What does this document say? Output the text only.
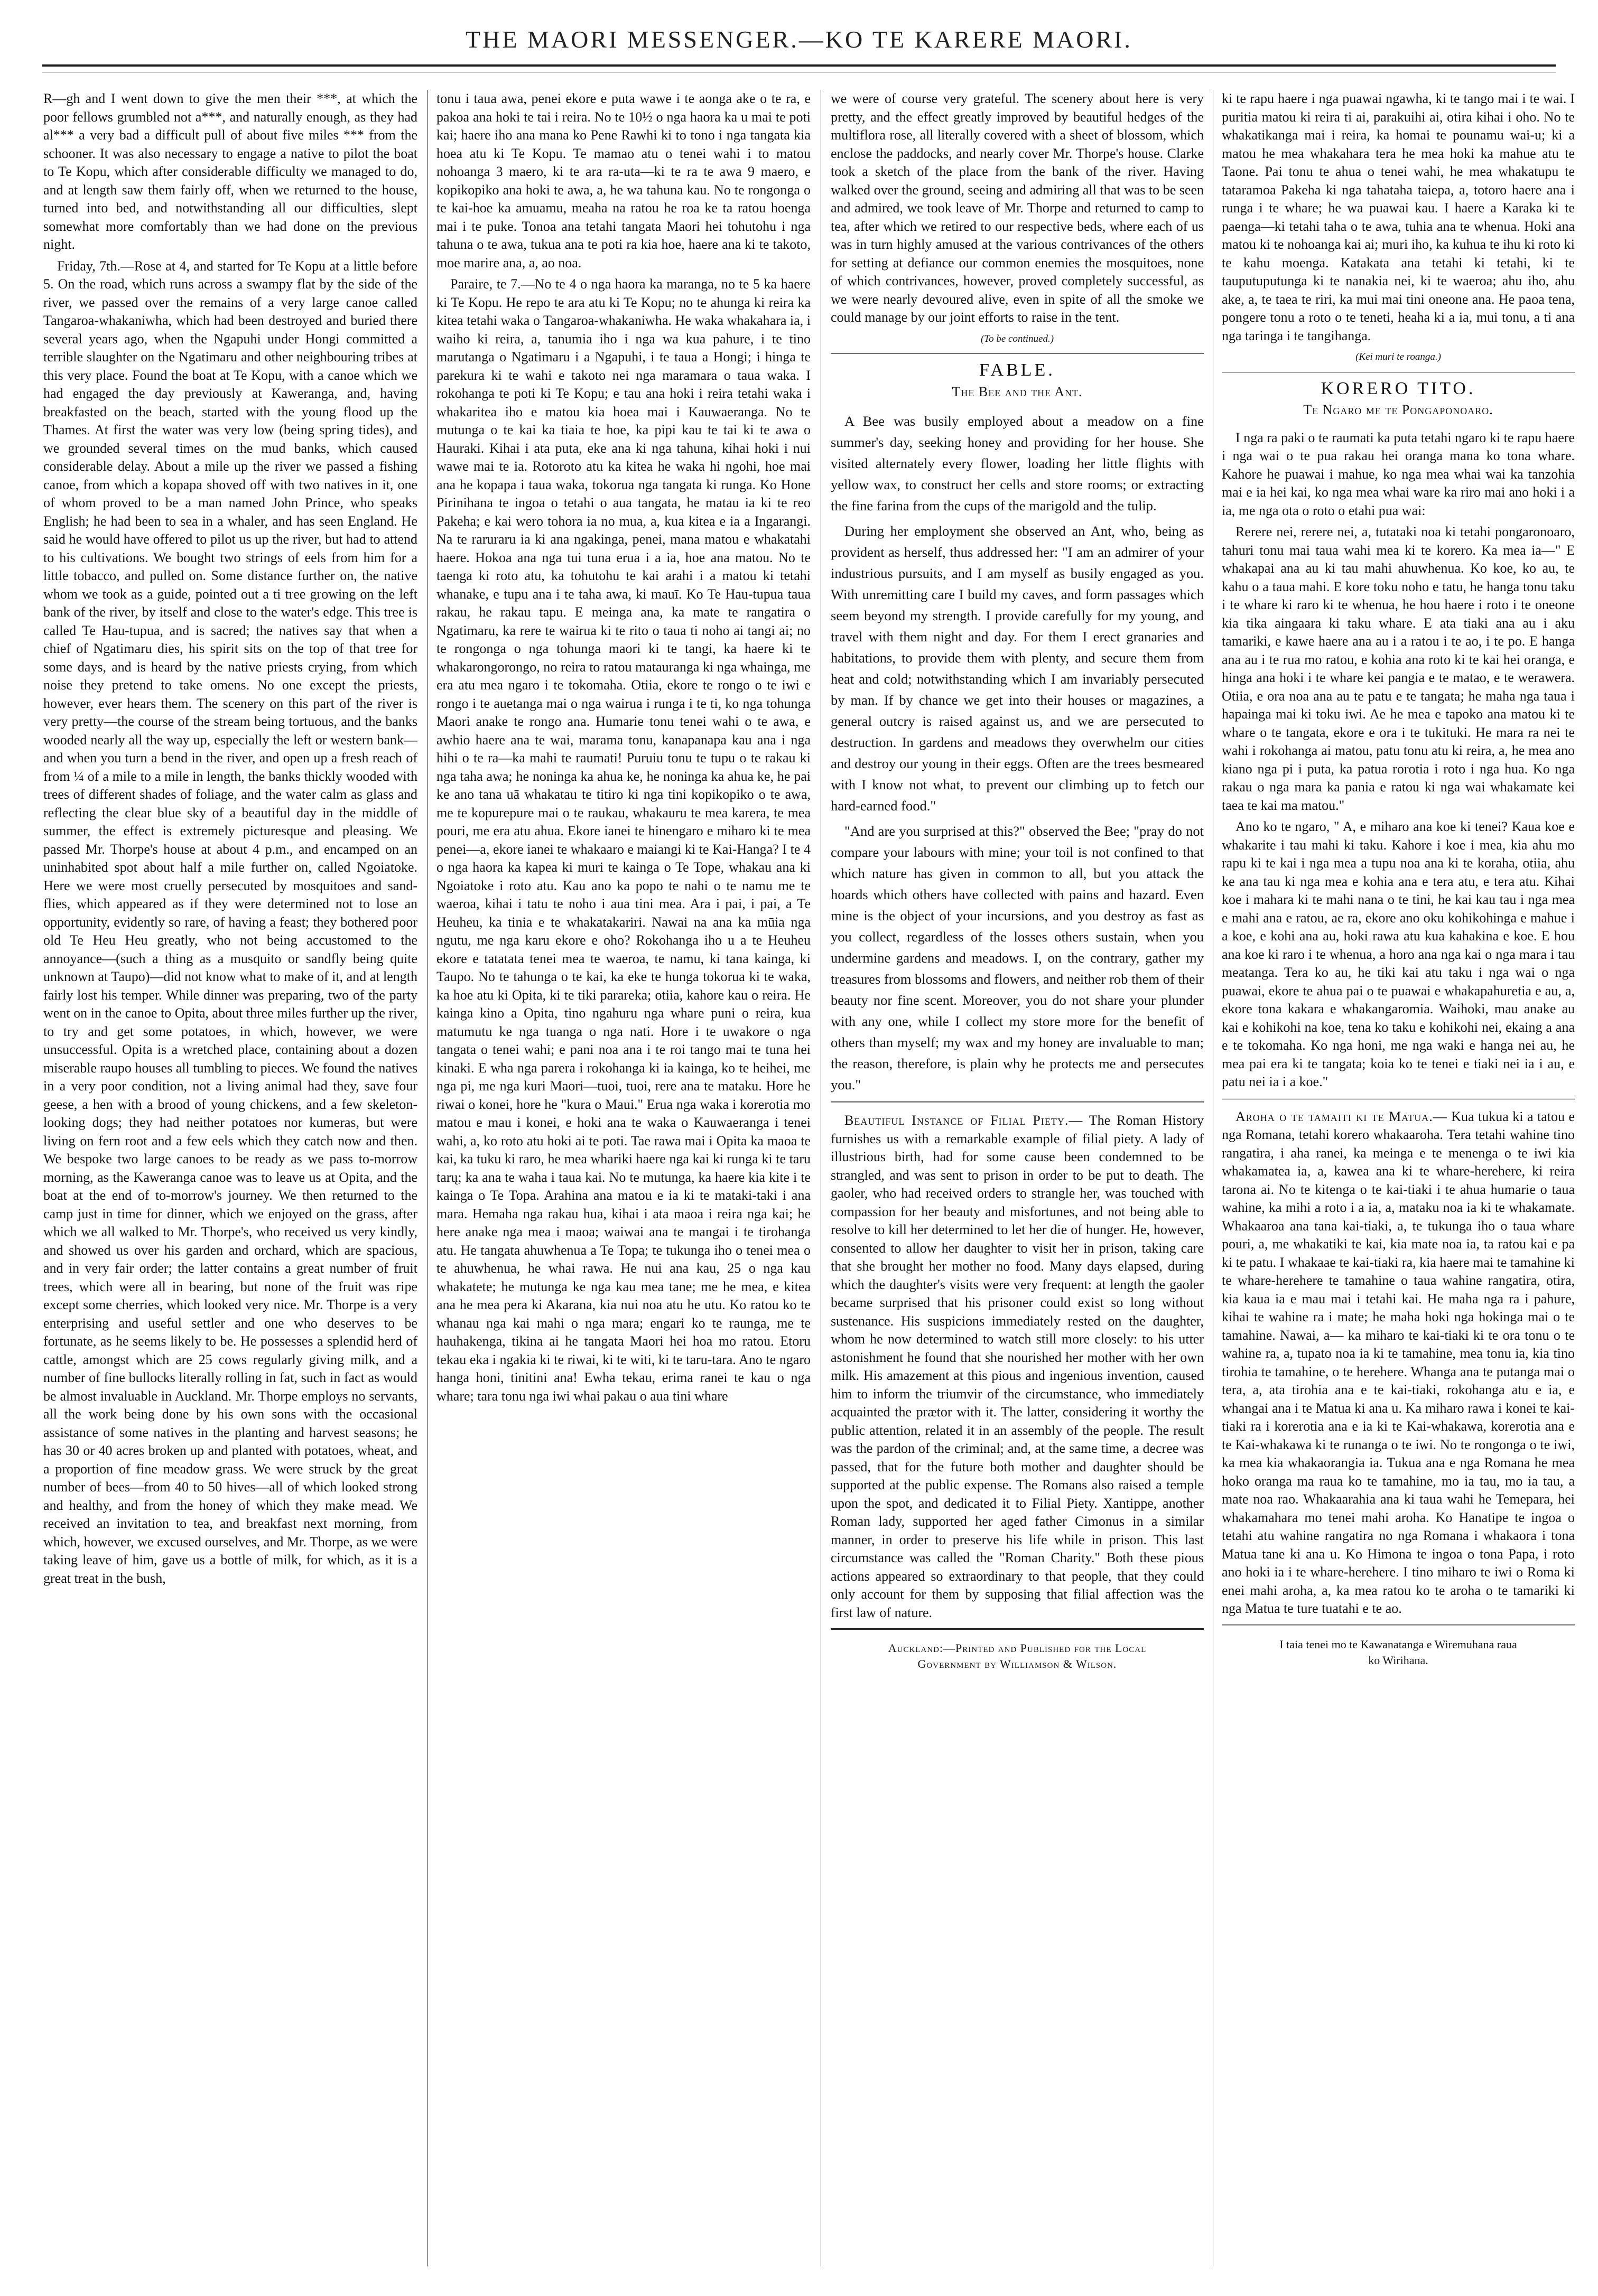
THE MAORI MESSENGER.—KO TE KARERE MAORI.

R—gh and I went down to give the men their ***, at which the poor fellows grumbled not a***, and naturally enough, as they had al*** a very bad a difficult pull of about five miles *** from the schooner. It was also necessary to engage a native to pilot the boat to Te Kopu, which after considerable difficulty we managed to do, and at length saw them fairly off, when we returned to the house, turned into bed, and notwithstanding all our difficulties, slept somewhat more comfortably than we had done on the previous night.

Friday, 7th.—Rose at 4, and started for Te Kopu at a little before 5. On the road, which runs across a swampy flat by the side of the river, we passed over the remains of a very large canoe called Tangaroa-whakaniwha, which had been destroyed and buried there several years ago, when the Ngapuhi under Hongi committed a terrible slaughter on the Ngatimaru and other neighbouring tribes at this very place. Found the boat at Te Kopu, with a canoe which we had engaged the day previously at Kaweranga, and, having breakfasted on the beach, started with the young flood up the Thames. At first the water was very low (being spring tides), and we grounded several times on the mud banks, which caused considerable delay. About a mile up the river we passed a fishing canoe, from which a kopapa shoved off with two natives in it, one of whom proved to be a man named John Prince, who speaks English; he had been to sea in a whaler, and has seen England. He said he would have offered to pilot us up the river, but had to attend to his cultivations. We bought two strings of eels from him for a little tobacco, and pulled on. Some distance further on, the native whom we took as a guide, pointed out a ti tree growing on the left bank of the river, by itself and close to the water's edge. This tree is called Te Hau-tupua, and is sacred; the natives say that when a chief of Ngatimaru dies, his spirit sits on the top of that tree for some days, and is heard by the native priests crying, from which noise they pretend to take omens. No one except the priests, however, ever hears them. The scenery on this part of the river is very pretty—the course of the stream being tortuous, and the banks wooded nearly all the way up, especially the left or western bank—and when you turn a bend in the river, and open up a fresh reach of from ¼ of a mile to a mile in length, the banks thickly wooded with trees of different shades of foliage, and the water calm as glass and reflecting the clear blue sky of a beautiful day in the middle of summer, the effect is extremely picturesque and pleasing. We passed Mr. Thorpe's house at about 4 p.m., and encamped on an uninhabited spot about half a mile further on, called Ngoiatoke. Here we were most cruelly persecuted by mosquitoes and sand-flies, which appeared as if they were determined not to lose an opportunity, evidently so rare, of having a feast; they bothered poor old Te Heu Heu greatly, who not being accustomed to the annoyance—(such a thing as a musquito or sandfly being quite unknown at Taupo)—did not know what to make of it, and at length fairly lost his temper. While dinner was preparing, two of the party went on in the canoe to Opita, about three miles further up the river, to try and get some potatoes, in which, however, we were unsuccessful. Opita is a wretched place, containing about a dozen miserable raupo houses all tumbling to pieces. We found the natives in a very poor condition, not a living animal had they, save four geese, a hen with a brood of young chickens, and a few skeleton-looking dogs; they had neither potatoes nor kumeras, but were living on fern root and a few eels which they catch now and then. We bespoke two large canoes to be ready as we pass to-morrow morning, as the Kaweranga canoe was to leave us at Opita, and the boat at the end of to-morrow's journey. We then returned to the camp just in time for dinner, which we enjoyed on the grass, after which we all walked to Mr. Thorpe's, who received us very kindly, and showed us over his garden and orchard, which are spacious, and in very fair order; the latter contains a great number of fruit trees, which were all in bearing, but none of the fruit was ripe except some cherries, which looked very nice. Mr. Thorpe is a very enterprising and useful settler and one who deserves to be fortunate, as he seems likely to be. He possesses a splendid herd of cattle, amongst which are 25 cows regularly giving milk, and a number of fine bullocks literally rolling in fat, such in fact as would be almost invaluable in Auckland. Mr. Thorpe employs no servants, all the work being done by his own sons with the occasional assistance of some natives in the planting and harvest seasons; he has 30 or 40 acres broken up and planted with potatoes, wheat, and a proportion of fine meadow grass. We were struck by the great number of bees—from 40 to 50 hives—all of which looked strong and healthy, and from the honey of which they make mead. We received an invitation to tea, and breakfast next morning, from which, however, we excused ourselves, and Mr. Thorpe, as we were taking leave of him, gave us a bottle of milk, for which, as it is a great treat in the bush,

tonu i taua awa, penei ekore e puta wawe i te aonga ake o te ra, e pakoa ana hoki te tai i reira. No te 10½ o nga haora ka u mai te poti kai; haere iho ana mana ko Pene Rawhi ki to tono i nga tangata kia hoea atu ki Te Kopu. Te mamao atu o tenei wahi i to matou nohoanga 3 maero, ki te ara ra-uta—ki te ra te awa 9 maero, e kopikopiko ana hoki te awa, a, he wa tahuna kau. No te rongonga o te kai-hoe ka amuamu, meaha na ratou he roa ke ta ratou hoenga mai i te puke. Tonoa ana tetahi tangata Maori hei tohutohu i nga tahuna o te awa, tukua ana te poti ra kia hoe, haere ana ki te takoto, moe marire ana, a, ao noa.

Paraire, te 7.—No te 4 o nga haora ka maranga, no te 5 ka haere ki Te Kopu. He repo te ara atu ki Te Kopu; no te ahunga ki reira ka kitea tetahi waka o Tangaroa-whakaniwha. He waka whakahara ia, i waiho ki reira, a, tanumia iho i nga wa kua pahure, i te tino marutanga o Ngatimaru i a Ngapuhi, i te taua a Hongi; i hinga te parekura ki te wahi e takoto nei nga maramara o taua waka. I rokohanga te poti ki Te Kopu; e tau ana hoki i reira tetahi waka i whakaritea iho e matou kia hoea mai i Kauwaeranga. No te mutunga o te kai ka tiaia te hoe, ka pipi kau te tai ki te awa o Hauraki. Kihai i ata puta, eke ana ki nga tahuna, kihai hoki i nui wawe mai te ia. Rotoroto atu ka kitea he waka hi ngohi, hoe mai ana he kopapa i taua waka, tokorua nga tangata ki runga. Ko Hone Pirinihana te ingoa o tetahi o aua tangata, he matau ia ki te reo Pakeha; e kai wero tohora ia no mua, a, kua kitea e ia a Ingarangi. Na te raruraru ia ki ana ngakinga, penei, mana matou e whakatahi haere. Hokoa ana nga tui tuna erua i a ia, hoe ana matou. No te taenga ki roto atu, ka tohutohu te kai arahi i a matou ki tetahi whanake, e tupu ana i te taha awa, ki mauī. Ko Te Hau-tupua taua rakau, he rakau tapu. E meinga ana, ka mate te rangatira o Ngatimaru, ka rere te wairua ki te rito o taua ti noho ai tangi ai; no te rongonga o nga tohunga maori ki te tangi, ka haere ki te whakarongorongo, no reira to ratou matauranga ki nga whainga, me era atu mea ngaro i te tokomaha. Otiia, ekore te rongo o te iwi e rongo i te auetanga mai o nga wairua i runga i te ti, ko nga tohunga Maori anake te rongo ana. Humarie tonu tenei wahi o te awa, e awhio haere ana te wai, marama tonu, kanapanapa kau ana i nga hihi o te ra—ka mahi te raumati! Puruiu tonu te tupu o te rakau ki nga taha awa; he noninga ka ahua ke, he noninga ka ahua ke, he pai ke ano tana uā whakatau te titiro ki nga tini kopikopiko o te awa, me te kopurepure mai o te raukau, whakauru te mea karera, te mea pouri, me era atu ahua. Ekore ianei te hinengaro e miharo ki te mea penei—a, ekore ianei te whakaaro e maiangi ki te Kai-Hanga? I te 4 o nga haora ka kapea ki muri te kainga o Te Tope, whakau ana ki Ngoiatoke i roto atu. Kau ano ka popo te nahi o te namu me te waeroa, kihai i tatu te noho i aua tini mea. Ara i pai, i pai, a Te Heuheu, ka tinia e te whakatakariri. Nawai na ana ka mūia nga ngutu, me nga karu ekore e oho? Rokohanga iho u a te Heuheu ekore e tatatata tenei mea te waeroa, te namu, ki tana kainga, ki Taupo. No te tahunga o te kai, ka eke te hunga tokorua ki te waka, ka hoe atu ki Opita, ki te tiki parareka; otiia, kahore kau o reira. He kainga kino a Opita, tino ngahuru nga whare puni o reira, kua matumutu ke nga tuanga o nga nati. Hore i te uwakore o nga tangata o tenei wahi; e pani noa ana i te roi tango mai te tuna hei kinaki. E wha nga parera i rokohanga ki ia kainga, ko te heihei, me nga pi, me nga kuri Maori—tuoi, tuoi, rere ana te mataku. Hore he riwai o konei, hore he "kura o Maui." Erua nga waka i korerotia mo matou e mau i konei, e hoki ana te waka o Kauwaeranga i tenei wahi, a, ko roto atu hoki ai te poti. Tae rawa mai i Opita ka maoa te kai, ka tuku ki raro, he mea whariki haere nga kai ki runga ki te taru tarų; ka ana te waha i taua kai. No te mutunga, ka haere kia kite i te kainga o Te Topa. Arahina ana matou e ia ki te mataki-taki i ana mara. Hemaha nga rakau hua, kihai i ata maoa i reira nga kai; he here anake nga mea i maoa; waiwai ana te mangai i te tirohanga atu. He tangata ahuwhenua a Te Topa; te tukunga iho o tenei mea o te ahuwhenua, he whai rawa. He nui ana kau, 25 o nga kau whakatete; he mutunga ke nga kau mea tane; me he mea, e kitea ana he mea pera ki Akarana, kia nui noa atu he utu. Ko ratou ko te whanau nga kai mahi o nga mara; engari ko te raunga, me te hauhakenga, tikina ai he tangata Maori hei hoa mo ratou. Etoru tekau eka i ngakia ki te riwai, ki te witi, ki te taru-tara. Ano te ngaro hanga honi, tinitini ana! Ewha tekau, erima ranei te kau o nga whare; tara tonu nga iwi whai pakau o aua tini whare

we were of course very grateful. The scenery about here is very pretty, and the effect greatly improved by beautiful hedges of the multiflora rose, all literally covered with a sheet of blossom, which enclose the paddocks, and nearly cover Mr. Thorpe's house. Clarke took a sketch of the place from the bank of the river. Having walked over the ground, seeing and admiring all that was to be seen and admired, we took leave of Mr. Thorpe and returned to camp to tea, after which we retired to our respective beds, where each of us was in turn highly amused at the various contrivances of the others for setting at defiance our common enemies the mosquitoes, none of which contrivances, however, proved completely successful, as we were nearly devoured alive, even in spite of all the smoke we could manage by our joint efforts to raise in the tent.

(To be continued.)
FABLE.
The Bee and the Ant.

A Bee was busily employed about a meadow on a fine summer's day, seeking honey and providing for her house. She visited alternately every flower, loading her little flights with yellow wax, to construct her cells and store rooms; or extracting the fine farina from the cups of the marigold and the tulip.

During her employment she observed an Ant, who, being as provident as herself, thus addressed her: "I am an admirer of your industrious pursuits, and I am myself as busily engaged as you. With unremitting care I build my caves, and form passages which seem beyond my strength. I provide carefully for my young, and travel with them night and day. For them I erect granaries and habitations, to provide them with plenty, and secure them from heat and cold; notwithstanding which I am invariably persecuted by man. If by chance we get into their houses or magazines, a general outcry is raised against us, and we are persecuted to destruction. In gardens and meadows they overwhelm our cities and destroy our young in their eggs. Often are the trees besmeared with I know not what, to prevent our climbing up to fetch our hard-earned food."

"And are you surprised at this?" observed the Bee; "pray do not compare your labours with mine; your toil is not confined to that which nature has given in common to all, but you attack the hoards which others have collected with pains and hazard. Even mine is the object of your incursions, and you destroy as fast as you collect, regardless of the losses others sustain, when you undermine gardens and meadows. I, on the contrary, gather my treasures from blossoms and flowers, and neither rob them of their beauty nor fine scent. Moreover, you do not share your plunder with any one, while I collect my store more for the benefit of others than myself; my wax and my honey are invaluable to man; the reason, therefore, is plain why he protects me and persecutes you."

Beautiful Instance of Filial Piety.— The Roman History furnishes us with a remarkable example of filial piety. A lady of illustrious birth, had for some cause been condemned to be strangled, and was sent to prison in order to be put to death. The gaoler, who had received orders to strangle her, was touched with compassion for her beauty and misfortunes, and not being able to resolve to kill her determined to let her die of hunger. He, however, consented to allow her daughter to visit her in prison, taking care that she brought her mother no food. Many days elapsed, during which the daughter's visits were very frequent: at length the gaoler became surprised that his prisoner could exist so long without sustenance. His suspicions immediately rested on the daughter, whom he now determined to watch still more closely: to his utter astonishment he found that she nourished her mother with her own milk. His amazement at this pious and ingenious invention, caused him to inform the triumvir of the circumstance, who immediately acquainted the prætor with it. The latter, considering it worthy the public attention, related it in an assembly of the people. The result was the pardon of the criminal; and, at the same time, a decree was passed, that for the future both mother and daughter should be supported at the public expense. The Romans also raised a temple upon the spot, and dedicated it to Filial Piety. Xantippe, another Roman lady, supported her aged father Cimonus in a similar manner, in order to preserve his life while in prison. This last circumstance was called the "Roman Charity." Both these pious actions appeared so extraordinary to that people, that they could only account for them by supposing that filial affection was the first law of nature.

Auckland:—Printed and Published for the Local

Government by Williamson & Wilson.

ki te rapu haere i nga puawai ngawha, ki te tango mai i te wai. I puritia matou ki reira ti ai, parakuihi ai, otira kihai i oho. No te whakatikanga mai i reira, ka homai te pounamu wai-u; ki a matou he mea whakahara tera he mea hoki ka mahue atu te Taone. Pai tonu te ahua o tenei wahi, he mea whakatupu te tataramoa Pakeha ki nga tahataha taiepa, a, totoro haere ana i runga i te whare; he wa puawai kau. I haere a Karaka ki te paenga—ki tetahi taha o te awa, tuhia ana te whenua. Hoki ana matou ki te nohoanga kai ai; muri iho, ka kuhua te ihu ki roto ki te kahu moenga. Katakata ana tetahi ki tetahi, ki te tauputuputunga ki te nanakia nei, ki te waeroa; ahu iho, ahu ake, a, te taea te riri, ka mui mai tini oneone ana. He paoa tena, pongere tonu a roto o te teneti, heaha ki a ia, mui tonu, a ti ana nga taringa i te tangihanga.

(Kei muri te roanga.)
KORERO TITO.
Te Ngaro me te Pongaponoaro.

I nga ra paki o te raumati ka puta tetahi ngaro ki te rapu haere i nga wai o te pua rakau hei oranga mana ko tona whare. Kahore he puawai i mahue, ko nga mea whai wai ka tanzohia mai e ia hei kai, ko nga mea whai ware ka riro mai ano hoki i a ia, me nga ota o roto o etahi pua wai:

Rerere nei, rerere nei, a, tutataki noa ki tetahi pongaronoaro, tahuri tonu mai taua wahi mea ki te korero. Ka mea ia—" E whakapai ana au ki tau mahi ahuwhenua. Ko koe, ko au, te kahu o a taua mahi. E kore toku noho e tatu, he hanga tonu taku i te whare ki raro ki te whenua, he hou haere i roto i te oneone kia tika aingaara ki taku whare. E ata tiaki ana au i aku tamariki, e kawe haere ana au i a ratou i te ao, i te po. E hanga ana au i te rua mo ratou, e kohia ana roto ki te kai hei oranga, e hinga ana hoki i te whare kei pangia e te matao, e te werawera. Otiia, e ora noa ana au te patu e te tangata; he maha nga taua i hapainga mai ki toku iwi. Ae he mea e tapoko ana matou ki te whare o te tangata, ekore e ora i te tukituki. He mara ra nei te wahi i rokohanga ai matou, patu tonu atu ki reira, a, he mea ano kiano nga pi i puta, ka patua rorotia i roto i nga hua. Ko nga rakau o nga mara ka pania e ratou ki nga wai whakamate kei taea te kai ma matou."

Ano ko te ngaro, " A, e miharo ana koe ki tenei? Kaua koe e whakarite i tau mahi ki taku. Kahore i koe i mea, kia ahu mo rapu ki te kai i nga mea a tupu noa ana ki te koraha, otiia, ahu ke ana tau ki nga mea e kohia ana e tera atu, e tera atu. Kihai koe i mahara ki te mahi nana o te tini, he kai kau tau i nga mea e mahi ana e ratou, ae ra, ekore ano oku kohikohinga e mahue i a koe, e kohi ana au, hoki rawa atu kua kahakina e koe. E hou ana koe ki raro i te whenua, a horo ana nga kai o nga mara i tau meatanga. Tera ko au, he tiki kai atu taku i nga wai o nga puawai, ekore te ahua pai o te puawai e whakapahuretia e au, a, ekore tona kakara e whakangaromia. Waihoki, mau anake au kai e kohikohi na koe, tena ko taku e kohikohi nei, ekaing a ana e te tokomaha. Ko nga honi, me nga waki e hanga nei au, he mea pai era ki te tangata; koia ko te tenei e tiaki nei ia i au, e patu nei ia i a koe."

Aroha o te tamaiti ki te Matua.— Kua tukua ki a tatou e nga Romana, tetahi korero whakaaroha. Tera tetahi wahine tino rangatira, i aha ranei, ka meinga e te menenga o te iwi kia whakamatea ia, a, kawea ana ki te whare-herehere, ki reira tarona ai. No te kitenga o te kai-tiaki i te ahua humarie o taua wahine, ka mihi a roto i a ia, a, mataku noa ia ki te whakamate. Whakaaroa ana tana kai-tiaki, a, te tukunga iho o taua whare pouri, a, me whakatiki te kai, kia mate noa ia, ta ratou kai e pa ki te patu. I whakaae te kai-tiaki ra, kia haere mai te tamahine ki te whare-herehere te tamahine o taua wahine rangatira, otira, kia kaua ia e mau mai i tetahi kai. He maha nga ra i pahure, kihai te wahine ra i mate; he maha hoki nga hokinga mai o te tamahine. Nawai, a— ka miharo te kai-tiaki ki te ora tonu o te wahine ra, a, tupato noa ia ki te tamahine, mea tonu ia, kia tino tirohia te tamahine, o te herehere. Whanga ana te putanga mai o tera, a, ata tirohia ana e te kai-tiaki, rokohanga atu e ia, e whangai ana i te Matua ki ana u. Ka miharo rawa i konei te kai-tiaki ra i korerotia ana e ia ki te Kai-whakawa, korerotia ana e te Kai-whakawa ki te runanga o te iwi. No te rongonga o te iwi, ka mea kia whakaorangia ia. Tukua ana e nga Romana he mea hoko oranga ma raua ko te tamahine, mo ia tau, mo ia tau, a mate noa rao. Whakaarahia ana ki taua wahi he Temepara, hei whakamahara mo tenei mahi aroha. Ko Hanatipe te ingoa o tetahi atu wahine rangatira no nga Romana i whakaora i tona Matua tane ki ana u. Ko Himona te ingoa o tona Papa, i roto ano hoki ia i te whare-herehere. I tino miharo te iwi o Roma ki enei mahi aroha, a, ka mea ratou ko te aroha o te tamariki ki nga Matua te ture tuatahi e te ao.

I taia tenei mo te Kawanatanga e Wiremuhana raua

ko Wirihana.
